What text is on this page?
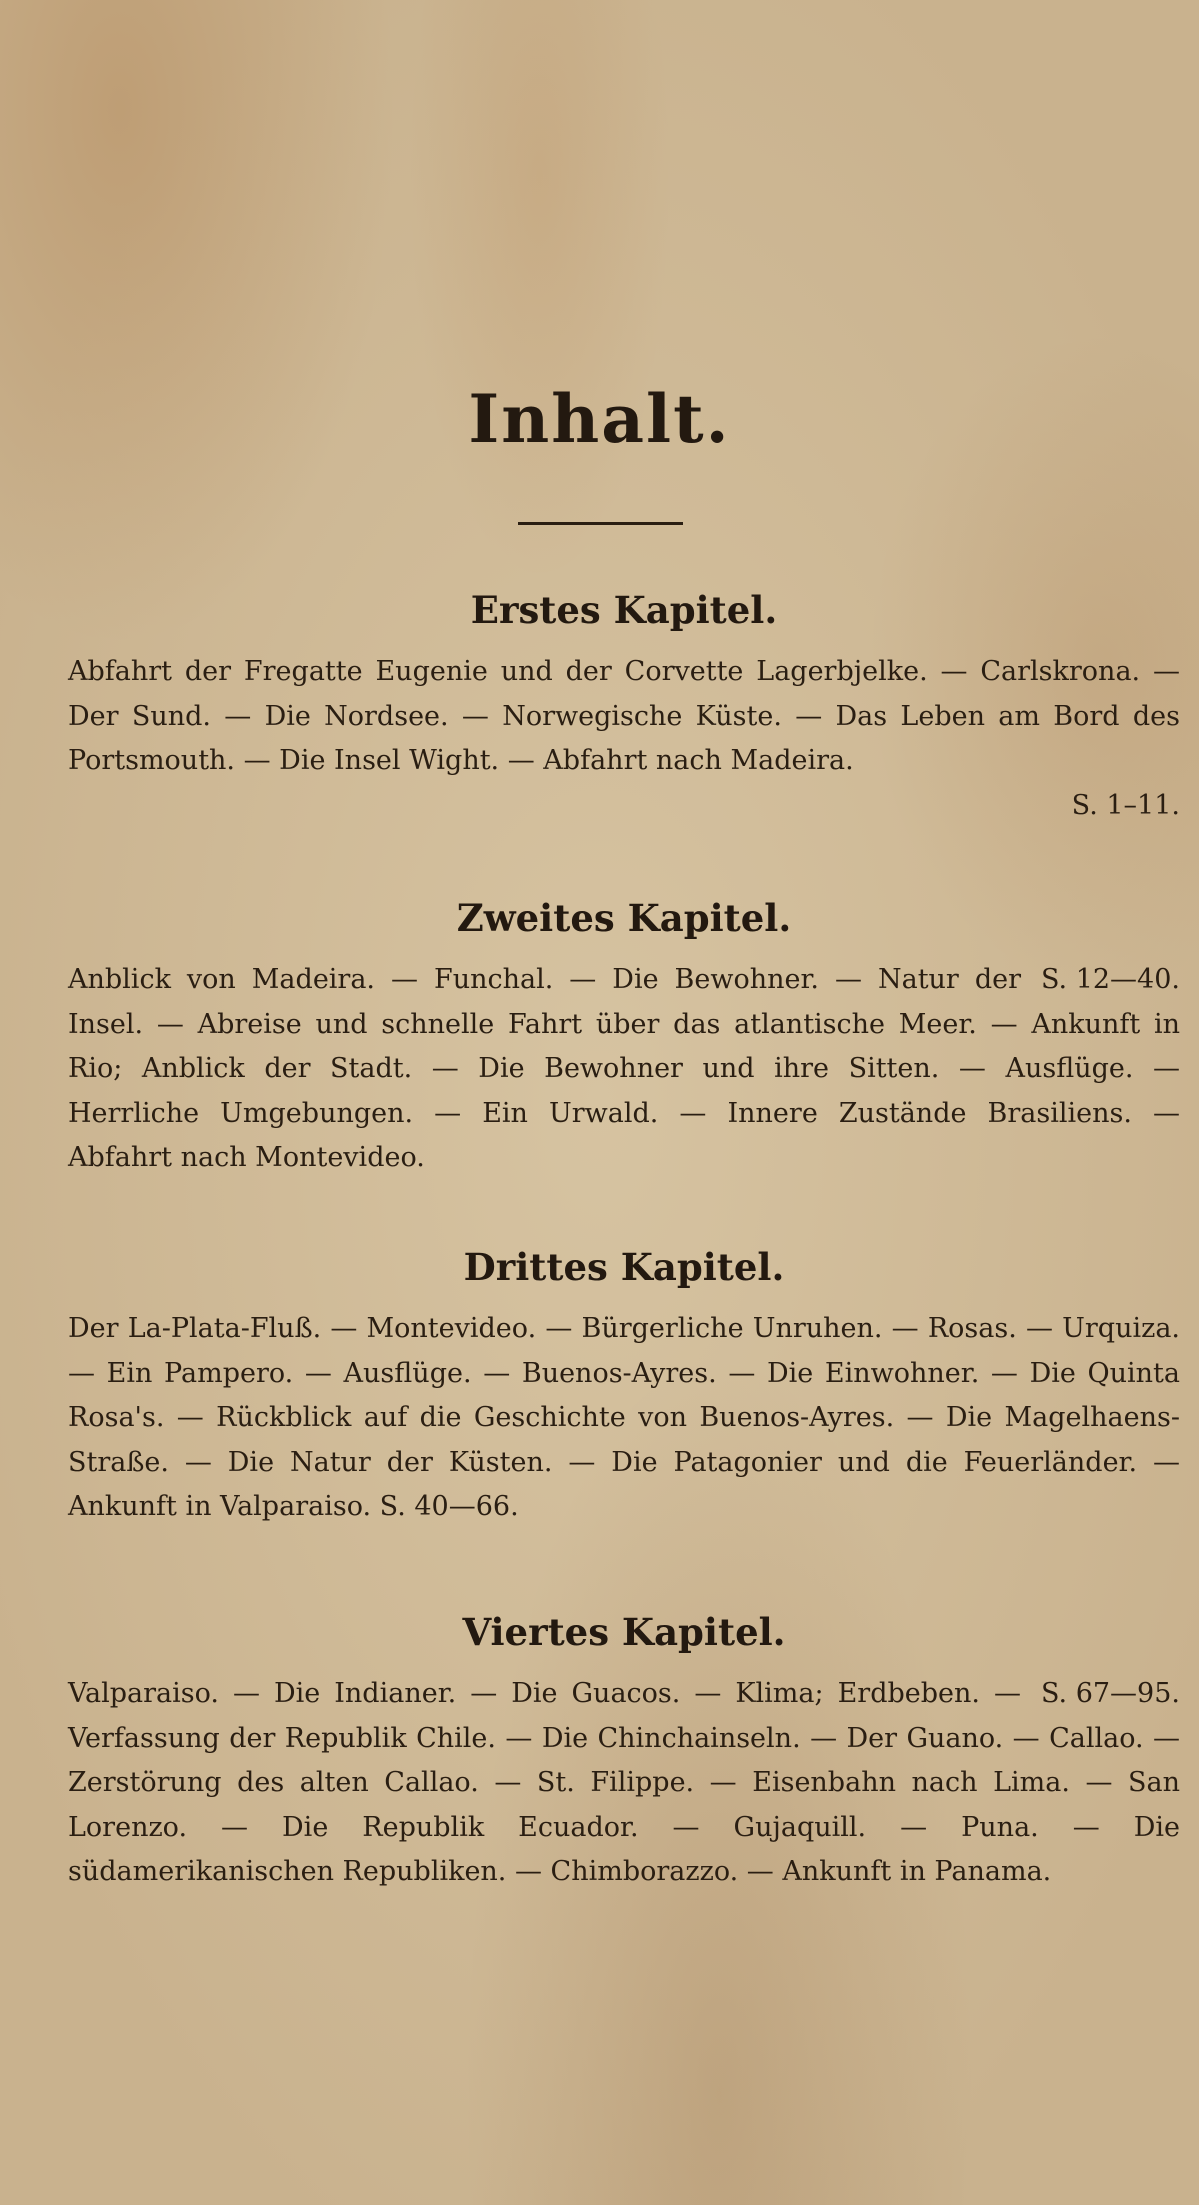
Inhalt.
Erstes Kapitel.

Abfahrt der Fregatte Eugenie und der Corvette Lagerbjelke. — Carlskrona. — Der Sund. — Die Nordsee. — Norwegische Küste. — Das Leben am Bord des Portsmouth. — Die Insel Wight. — Abfahrt nach Madeira.

S. 1–11.
Zweites Kapitel.

S. 12—40.
Anblick von Madeira. — Funchal. — Die Bewohner. — Natur der Insel. — Abreise und schnelle Fahrt über das atlantische Meer. — Ankunft in Rio; Anblick der Stadt. — Die Bewohner und ihre Sitten. — Ausflüge. — Herrliche Umgebungen. — Ein Urwald. — Innere Zustände Brasiliens. — Abfahrt nach Montevideo.

Drittes Kapitel.

Der La-Plata-Fluß. — Montevideo. — Bürgerliche Unruhen. — Rosas. — Urquiza. — Ein Pampero. — Ausflüge. — Buenos-Ayres. — Die Einwohner. — Die Quinta Rosa's. — Rückblick auf die Geschichte von Buenos-Ayres. — Die Magelhaens-Straße. — Die Natur der Küsten. — Die Patagonier und die Feuerländer. — Ankunft in Valparaiso. S. 40—66.

Viertes Kapitel.

S. 67—95.
Valparaiso. — Die Indianer. — Die Guacos. — Klima; Erdbeben. — Verfassung der Republik Chile. — Die Chinchainseln. — Der Guano. — Callao. — Zerstörung des alten Callao. — St. Filippe. — Eisenbahn nach Lima. — San Lorenzo. — Die Republik Ecuador. — Gujaquill. — Puna. — Die südamerikanischen Republiken. — Chimborazzo. — Ankunft in Panama.
